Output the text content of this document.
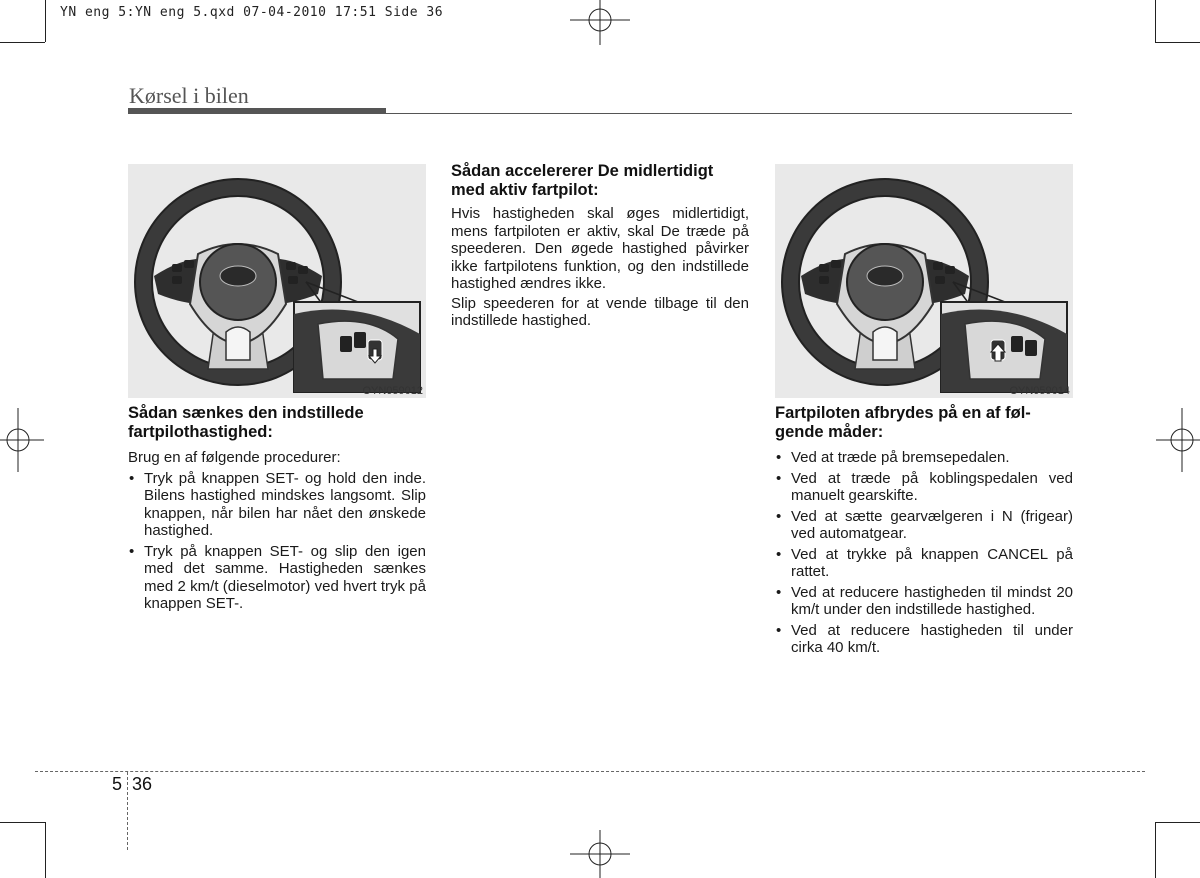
YN eng 5:YN eng 5.qxd 07-04-2010 17:51 Side 36
Kørsel i bilen
OYN059012
Sådan sænkes den indstillede fartpilothastighed:

Brug en af følgende procedurer:

• Tryk på knappen SET- og hold den inde. Bilens hastighed mindskes langsomt. Slip knappen, når bilen har nået den ønskede hastighed.
• Tryk på knappen SET- og slip den igen med det samme. Hastigheden sænkes med 2 km/t (dieselmotor) ved hvert tryk på knappen SET-.
Sådan accelererer De midlertidigt med aktiv fartpilot:

Hvis hastigheden skal øges midlertidigt, mens fartpiloten er aktiv, skal De træde på speederen. Den øgede hastighed påvirker ikke fartpilotens funktion, og den indstillede hastighed ændres ikke.

Slip speederen for at vende tilbage til den indstillede hastighed.

OYN059014
Fartpiloten afbrydes på en af følgende måder:
• Ved at træde på bremsepedalen.
• Ved at træde på koblingspedalen ved manuelt gearskifte.
• Ved at sætte gearvælgeren i N (frigear) ved automatgear.
• Ved at trykke på knappen CANCEL på rattet.
• Ved at reducere hastigheden til mindst 20 km/t under den indstillede hastighed.
• Ved at reducere hastigheden til under cirka 40 km/t.
5 36
